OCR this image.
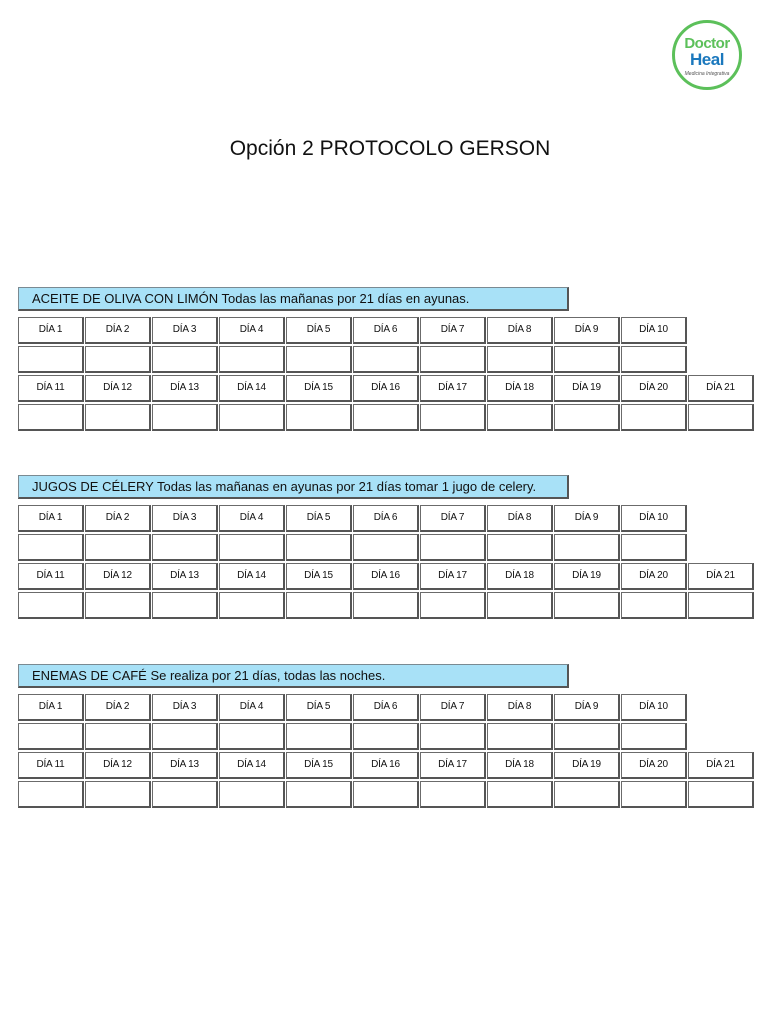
Doctor
Heal
Medicina Integrativa
Opción 2 PROTOCOLO GERSON
ACEITE DE OLIVA CON LIMÓN Todas las mañanas por 21 días en ayunas.
DÍA 1	DÍA 2	DÍA 3	DÍA 4	DÍA 5	DÍA 6	DÍA 7	DÍA 8	DÍA 9	DÍA 10
DÍA 11	DÍA 12	DÍA 13	DÍA 14	DÍA 15	DÍA 16	DÍA 17	DÍA 18	DÍA 19	DÍA 20	DÍA 21
JUGOS DE CÉLERY Todas las mañanas en ayunas por 21 días tomar 1 jugo de celery.
DÍA 1	DÍA 2	DÍA 3	DÍA 4	DÍA 5	DÍA 6	DÍA 7	DÍA 8	DÍA 9	DÍA 10
DÍA 11	DÍA 12	DÍA 13	DÍA 14	DÍA 15	DÍA 16	DÍA 17	DÍA 18	DÍA 19	DÍA 20	DÍA 21
ENEMAS DE CAFÉ Se realiza por 21 días, todas las noches.
DÍA 1	DÍA 2	DÍA 3	DÍA 4	DÍA 5	DÍA 6	DÍA 7	DÍA 8	DÍA 9	DÍA 10
DÍA 11	DÍA 12	DÍA 13	DÍA 14	DÍA 15	DÍA 16	DÍA 17	DÍA 18	DÍA 19	DÍA 20	DÍA 21
